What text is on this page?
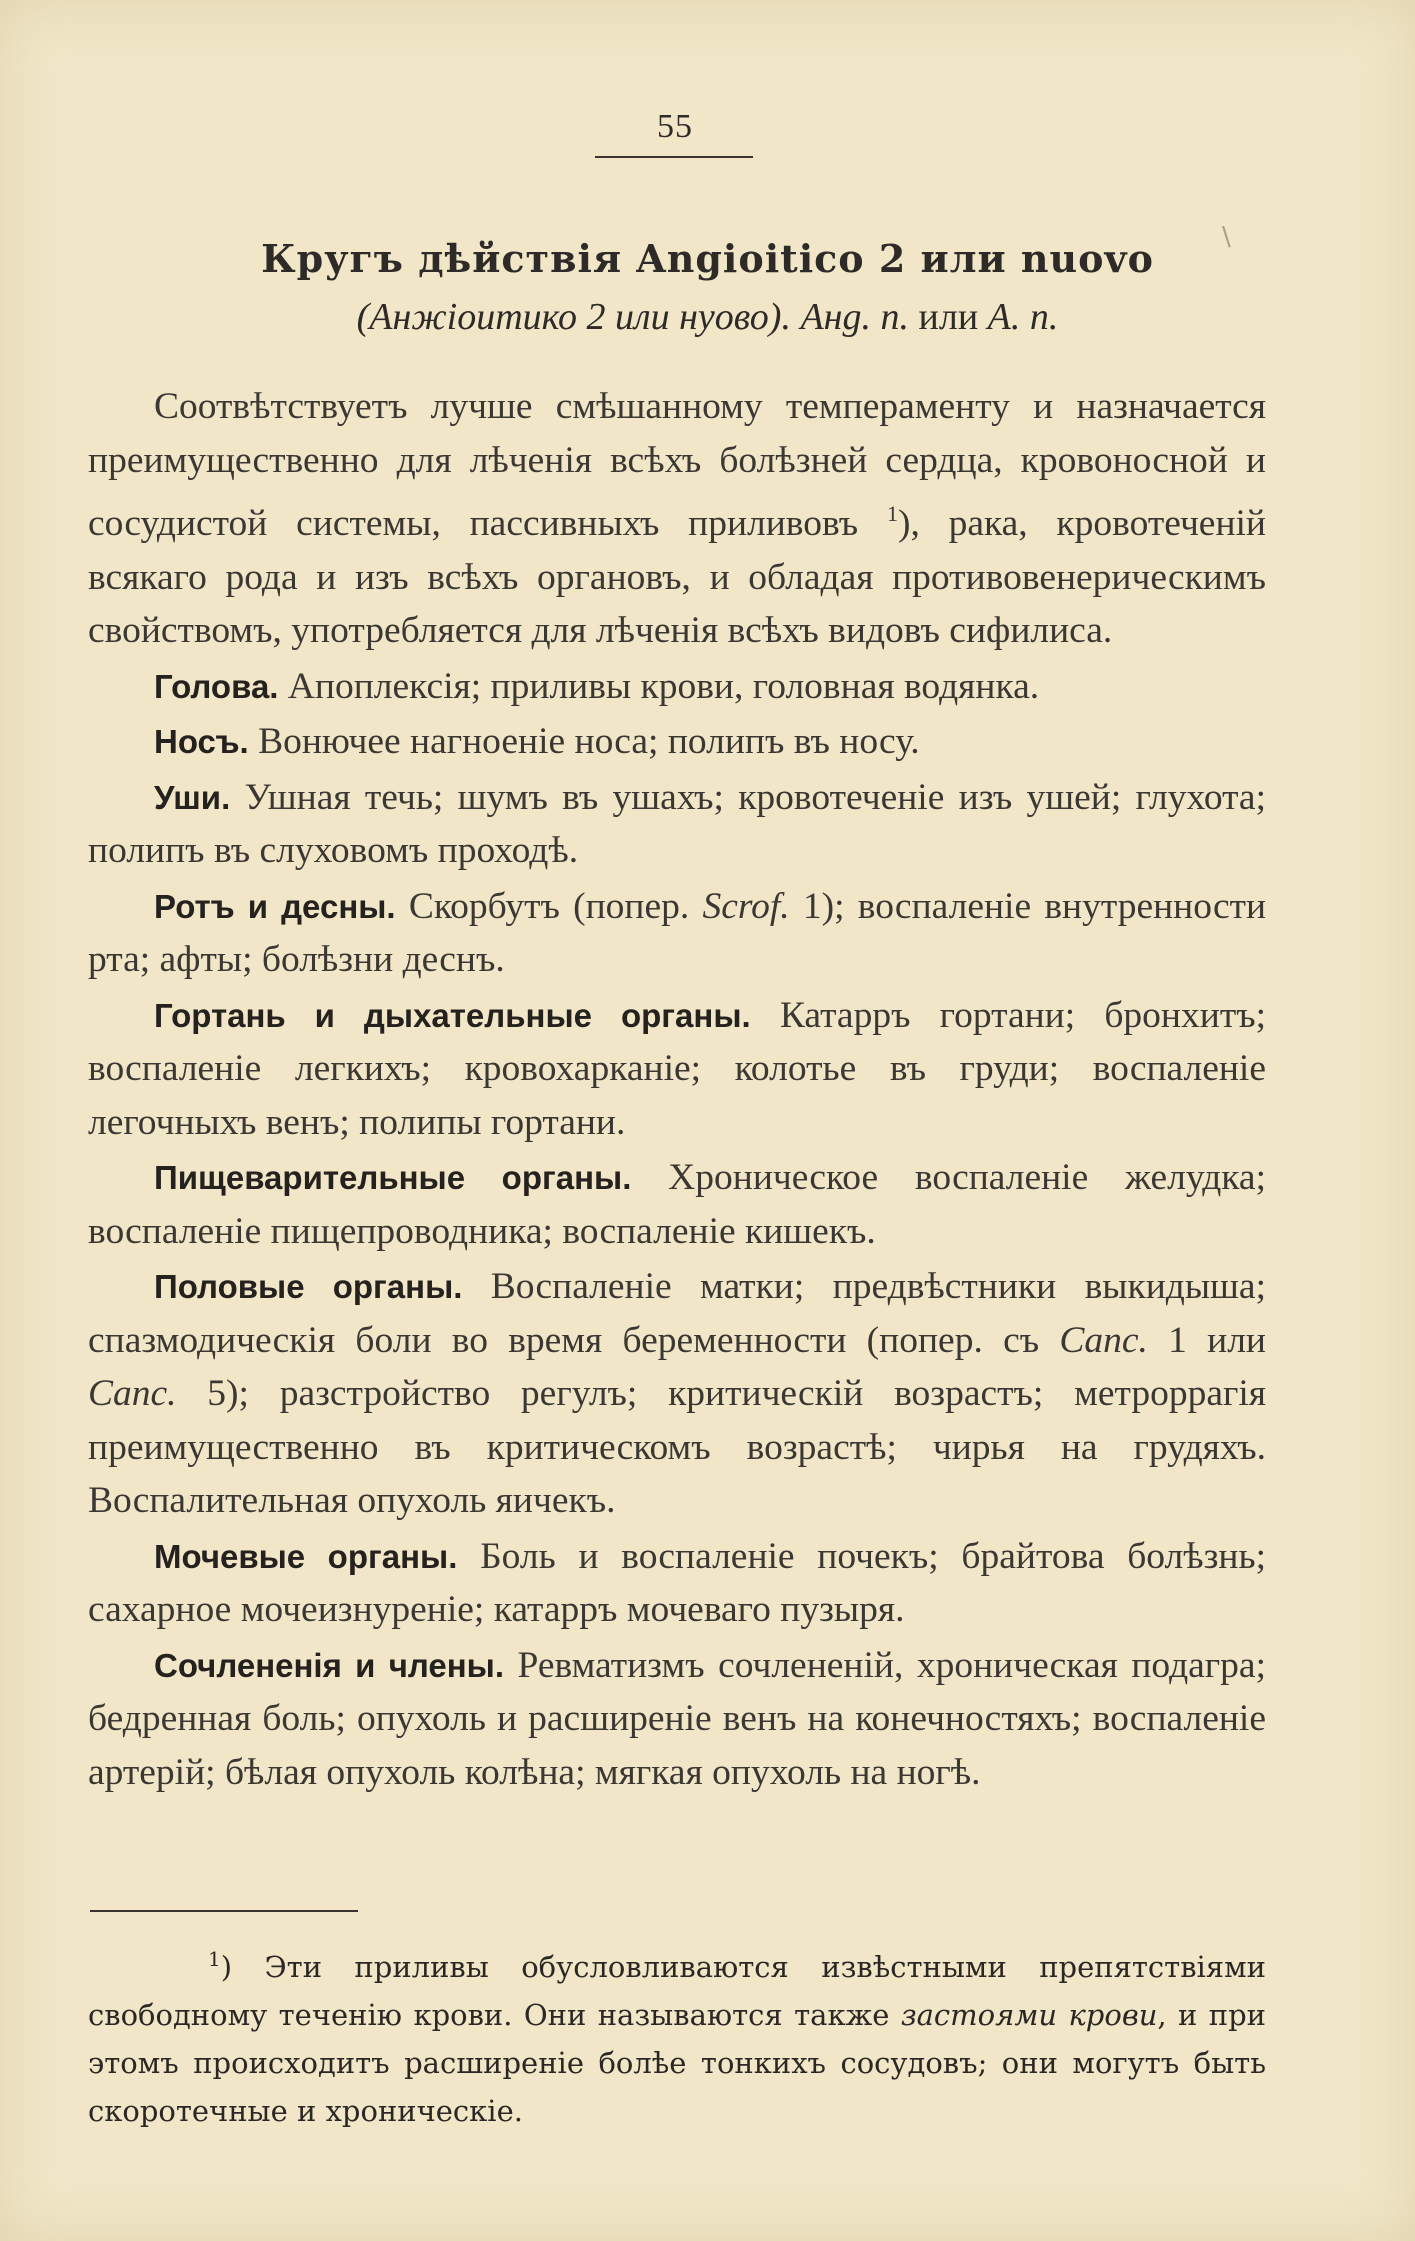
\
55
Кругъ дѣйствія Angioitico 2 или nuovo
(Анжіоитико 2 или нуово). Анg. n. или A. n.

Соотвѣтствуетъ лучше смѣшанному темпераменту и назначается преимущественно для лѣченія всѣхъ болѣзней сердца, кровоносной и сосудистой системы, пассивныхъ приливовъ $^1$), рака, кровотеченій всякаго рода и изъ всѣхъ органовъ, и обладая противовенерическимъ свойствомъ, употребляется для лѣченія всѣхъ видовъ сифилиса.

Голова. Апоплексія; приливы крови, головная водянка.

Носъ. Вонючее нагноеніе носа; полипъ въ носу.

Уши. Ушная течь; шумъ въ ушахъ; кровотеченіе изъ ушей; глухота; полипъ въ слуховомъ проходѣ.

Ротъ и десны. Скорбутъ (попер. Scrof. 1); воспаленіе внутренности рта; афты; болѣзни деснъ.

Гортань и дыхательные органы. Катарръ гортани; бронхитъ; воспаленіе легкихъ; кровохарканіе; колотье въ груди; воспаленіе легочныхъ венъ; полипы гортани.

Пищеварительные органы. Хроническое воспаленіе желудка; воспаленіе пищепроводника; воспаленіе кишекъ.

Половые органы. Воспаленіе матки; предвѣстники выкидыша; спазмодическія боли во время беременности (попер. съ Canc. 1 или Canc. 5); разстройство регулъ; критическій возрастъ; метроррагія преимущественно въ критическомъ возрастѣ; чирья на грудяхъ. Воспалительная опухоль яичекъ.

Мочевые органы. Боль и воспаленіе почекъ; брайтова болѣзнь; сахарное мочеизнуреніе; катарръ мочеваго пузыря.

Сочлененія и члены. Ревматизмъ сочлененій, хроническая подагра; бедренная боль; опухоль и расширеніе венъ на конечностяхъ; воспаленіе артерій; бѣлая опухоль колѣна; мягкая опухоль на ногѣ.

$^1$) Эти приливы обусловливаются извѣстными препятствіями свободному теченію крови. Они называются также застоями крови, и при этомъ происходитъ расширеніе болѣе тонкихъ сосудовъ; они могутъ быть скоротечные и хроническіе.
